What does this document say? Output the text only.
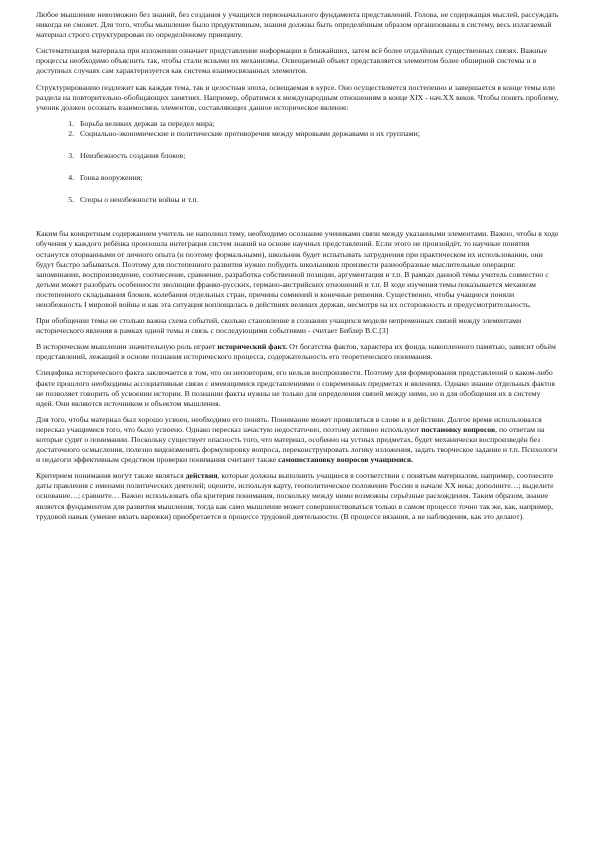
Любое мышление невозможно без знаний, без создания у учащихся первоначального фундамента представлений. Голова, не содержащая мыслей, рассуждать никогда не сможет. Для того, чтобы мышление было продуктивным, знания должны быть определённым образом организованы в систему, весь излагаемый материал строго структурирован по определённому принципу.

Систематизация материала при изложении означает представление информации в ближайших, затем всё более отдалённых существенных связях. Важные процессы необходимо объяснить так, чтобы стали ясными их механизмы. Освещаемый объект представляется элементом более обширной системы и в доступных случаях сам характеризуется как система взаимосвязанных элементов.

Структурированию подлежит как каждая тема, так и целостная эпоха, освещаемая в курсе. Оно осуществляется постепенно и завершается в конце темы или раздела на повторительно-обобщающих занятиях. Например, обратимся к международным отношениям в конце XIX - нач.XX веков. Чтобы понять проблему, ученик должен осознать взаимосвязь элементов, составляющих данное историческое явление:

1. Борьба великих держав за передел мира;
2. Социально-экономические и политические противоречия между мировыми державами и их группами;
3. Неизбежность создания блоков;
4. Гонка вооружения;
5. Споры о неизбежности войны и т.п.

Каким бы конкретным содержанием учитель не наполнил тему, необходимо осознание учениками связи между указанными элементами. Важно, чтобы в ходе обучения у каждого ребёнка произошла интеграция систем знаний на основе научных представлений. Если этого не произойдёт, то научные понятия останутся оторванными от личного опыта (и поэтому формальными), школьник будет испытывать затруднения при практическом их использовании, они будут быстро забываться. Поэтому для постепенного развития нужно побудить школьников произвести разнообразные мыслительные операции: запоминание, воспроизведение, соотнесение, сравнение, разработка собственной позиции, аргументация и т.п. В рамках данной темы учитель совместно с детьми может разобрать особенности эволюции франко-русских, германо-австрийских отношений и т.п. В ходе изучения темы показывается механизм постепенного складывания блоков, колебания отдельных стран, причины сомнений и конечные решения. Существенно, чтобы учащиеся поняли неизбежность I мировой войны и как эта ситуация воплощалась в действиях великих держав, несмотря на их осторожность и предусмотрительность.

При обобщении темы не столько важна схема событий, сколько становление в сознании учащихся модели непременных связей между элементами исторического явления в рамках одной темы и связь с последующими событиями - считает Библер В.С.[3]

В историческом мышлении значительную роль играет исторический факт. От богатства фактов, характера их фонда, накопленного памятью, зависит объём представлений, лежащий в основе познания исторического процесса, содержательность его теоретического понимания.

Специфика исторического факта заключается в том, что он неповторим, его нельзя воспроизвести. Поэтому для формирования представлений о каком-либо факте прошлого необходимы ассоциативные связи с имеющимися представлениями о современных предметах и явлениях. Однако знание отдельных фактов не позволяет говорить об усвоении истории. В познании факты нужны не только для определения связей между ними, но и для обобщения их в систему идей. Они являются источником и объектом мышления.

Для того, чтобы материал был хорошо усвоен, необходимо его понять. Понимание может проявляться в слове и в действии. Долгое время использовался пересказ учащимися того, что было усвоено. Однако пересказ зачастую недостаточно, поэтому активно используют постановку вопросов, по ответам на которые судят о понимании. Поскольку существует опасность того, что материал, особенно на устных предметах, будет механически воспроизведён без достаточного осмысления, полезно видоизменять формулировку вопроса, переконструировать логику изложения, задать творческое задание и т.п. Психологи и педагоги эффективным средством проверки понимания считают также самопостановку вопросов учащимися.

Критерием понимания могут также являться действия, которые должны выполнить учащиеся в соответствии с понятым материалом, например, соотнесите даты правления с именами политических деятелей; оцените, используя карту, геополитическое положение России в начале XX века; дополните…; выделите основание…; сравните… Важно использовать оба критерия понимания, поскольку между ними возможны серьёзные расхождения. Таким образом, знание является фундаментом для развития мышления, тогда как само мышление может совершенствоваться только в самом процессе точно так же, как, например, трудовой навык (умение вязать варежки) приобретается в процессе трудовой деятельности. (В процессе вязания, а не наблюдения, как это делают).
